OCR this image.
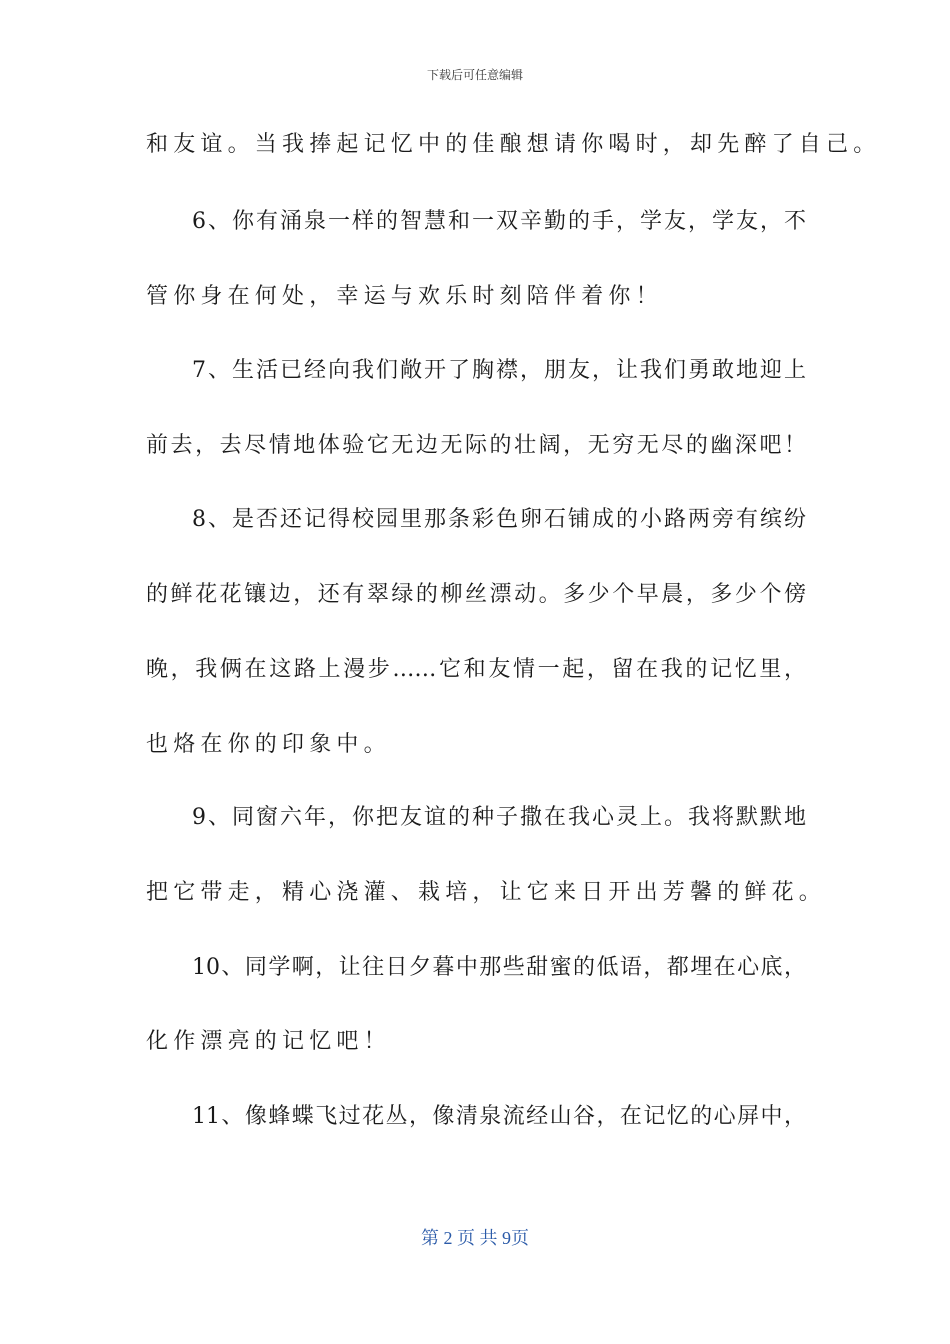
下载后可任意编辑
和友谊。当我捧起记忆中的佳酿想请你喝时，却先醉了自己。
6、你有涌泉一样的智慧和一双辛勤的手，学友，学友，不
管你身在何处，幸运与欢乐时刻陪伴着你！
7、生活已经向我们敞开了胸襟，朋友，让我们勇敢地迎上
前去，去尽情地体验它无边无际的壮阔，无穷无尽的幽深吧！
8、是否还记得校园里那条彩色卵石铺成的小路两旁有缤纷
的鲜花花镶边，还有翠绿的柳丝漂动。多少个早晨，多少个傍
晚，我俩在这路上漫步……它和友情一起，留在我的记忆里，
也烙在你的印象中。
9、同窗六年，你把友谊的种子撒在我心灵上。我将默默地
把它带走，精心浇灌、栽培，让它来日开出芳馨的鲜花。
10、同学啊，让往日夕暮中那些甜蜜的低语，都埋在心底，
化作漂亮的记忆吧！
11、像蜂蝶飞过花丛，像清泉流经山谷，在记忆的心屏中，
第 2 页 共 9页
